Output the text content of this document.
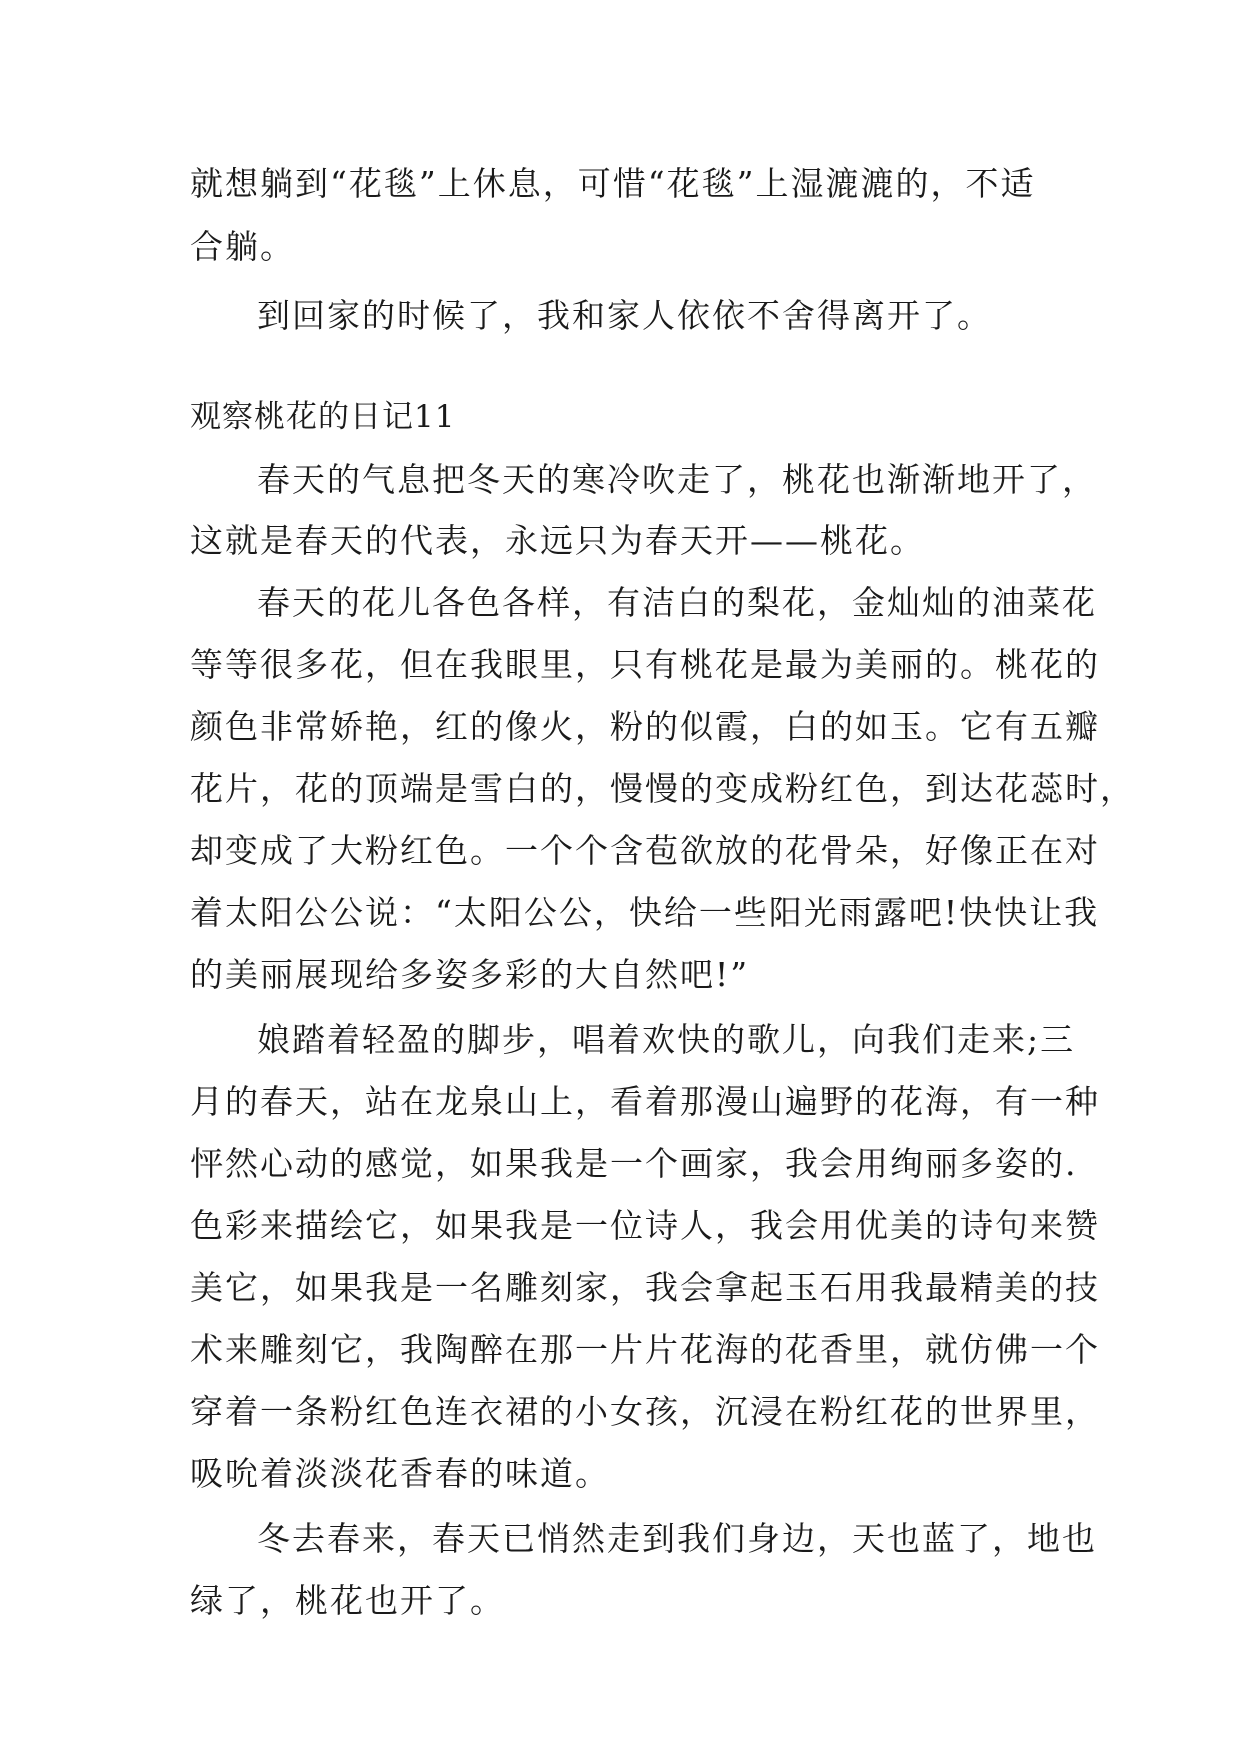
就想躺到“花毯”上休息，可惜“花毯”上湿漉漉的，不适
合躺。
到回家的时候了，我和家人依依不舍得离开了。
观察桃花的日记11
春天的气息把冬天的寒冷吹走了，桃花也渐渐地开了，
这就是春天的代表，永远只为春天开——桃花。
春天的花儿各色各样，有洁白的梨花，金灿灿的油菜花
等等很多花，但在我眼里，只有桃花是最为美丽的。桃花的
颜色非常娇艳，红的像火，粉的似霞，白的如玉。它有五瓣
花片，花的顶端是雪白的，慢慢的变成粉红色，到达花蕊时，
却变成了大粉红色。一个个含苞欲放的花骨朵，好像正在对
着太阳公公说：“太阳公公，快给一些阳光雨露吧!快快让我
的美丽展现给多姿多彩的大自然吧!”
娘踏着轻盈的脚步，唱着欢快的歌儿，向我们走来;三
月的春天，站在龙泉山上，看着那漫山遍野的花海，有一种
怦然心动的感觉，如果我是一个画家，我会用绚丽多姿的.
色彩来描绘它，如果我是一位诗人，我会用优美的诗句来赞
美它，如果我是一名雕刻家，我会拿起玉石用我最精美的技
术来雕刻它，我陶醉在那一片片花海的花香里，就仿佛一个
穿着一条粉红色连衣裙的小女孩，沉浸在粉红花的世界里，
吸吮着淡淡花香春的味道。
冬去春来，春天已悄然走到我们身边，天也蓝了，地也
绿了，桃花也开了。
